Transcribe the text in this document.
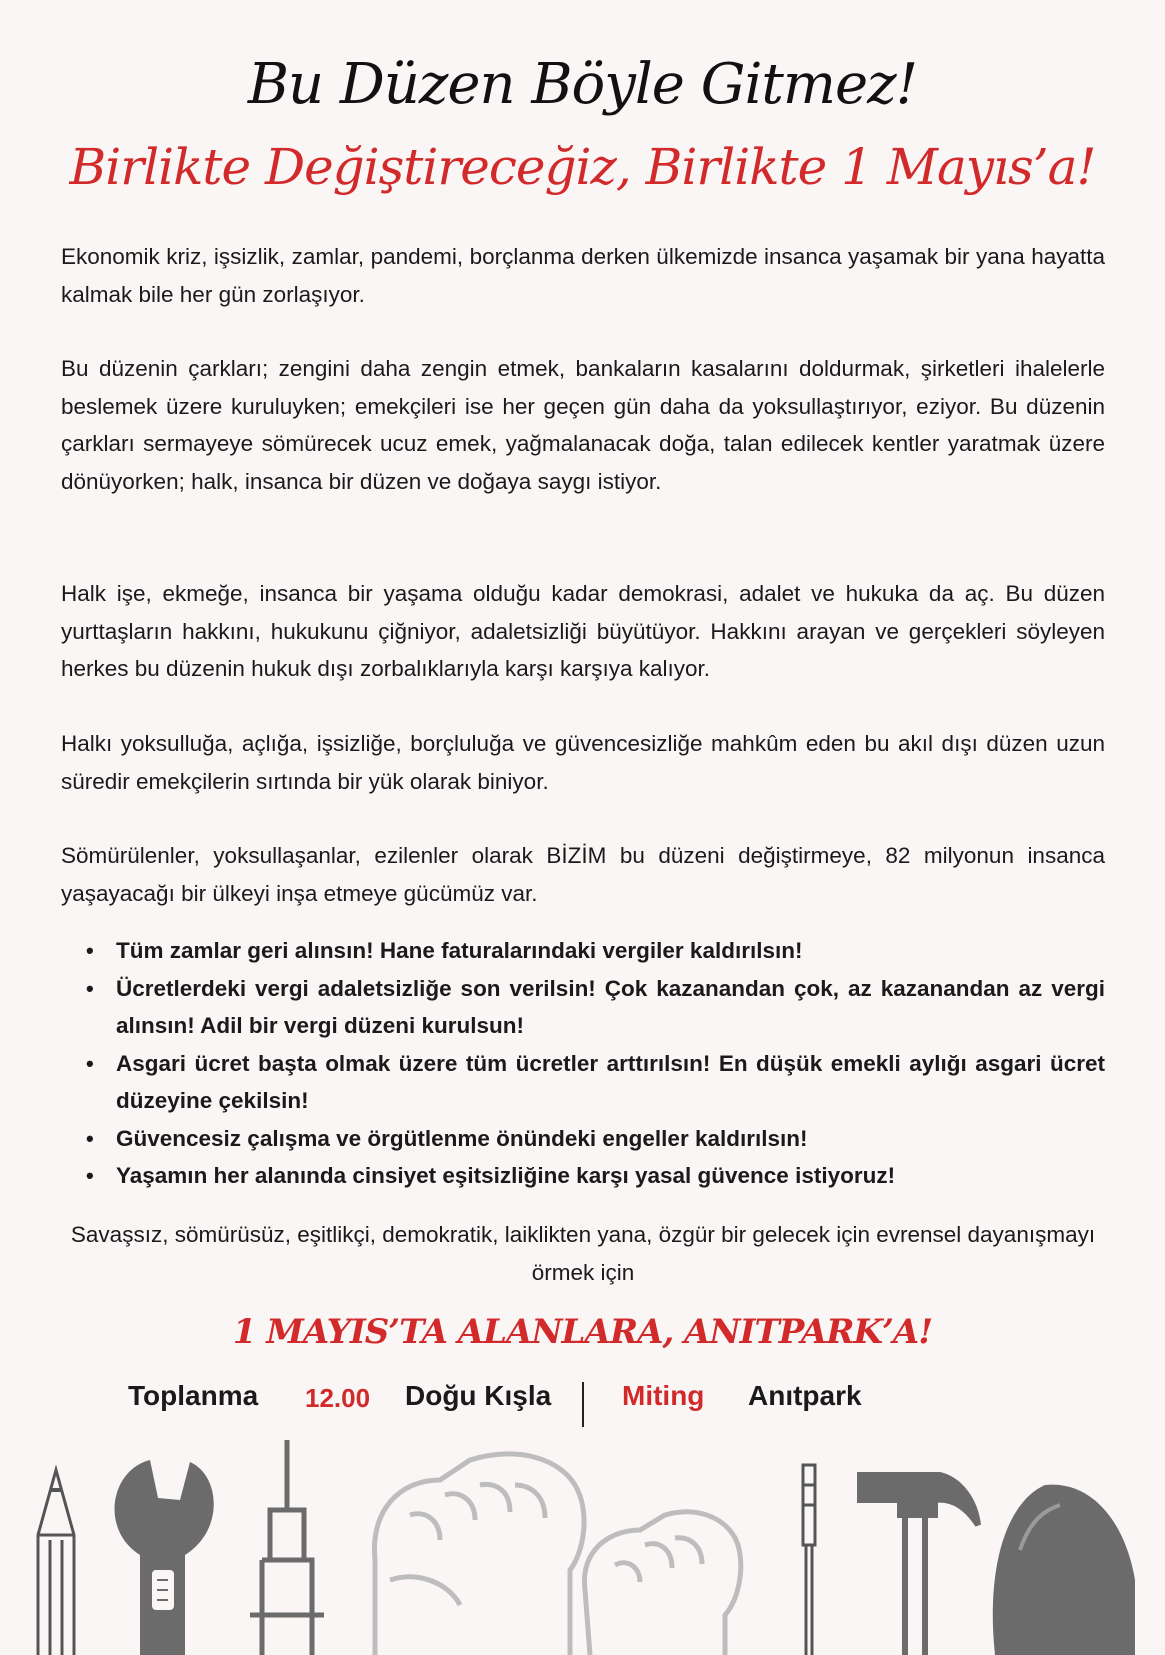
Bu Düzen Böyle Gitmez!
Birlikte Değiştireceğiz, Birlikte 1 Mayıs’a!

Ekonomik kriz, işsizlik, zamlar, pandemi, borçlanma derken ülkemizde insanca yaşamak bir yana hayatta kalmak bile her gün zorlaşıyor.

Bu düzenin çarkları; zengini daha zengin etmek, bankaların kasalarını doldurmak, şirketleri ihalelerle beslemek üzere kuruluyken; emekçileri ise her geçen gün daha da yoksullaştırıyor, eziyor. Bu düzenin çarkları sermayeye sömürecek ucuz emek, yağmalanacak doğa, talan edilecek kentler yaratmak üzere dönüyorken; halk, insanca bir düzen ve doğaya saygı istiyor.

Halk işe, ekmeğe, insanca bir yaşama olduğu kadar demokrasi, adalet ve hukuka da aç. Bu düzen yurttaşların hakkını, hukukunu çiğniyor, adaletsizliği büyütüyor. Hakkını arayan ve gerçekleri söyleyen herkes bu düzenin hukuk dışı zorbalıklarıyla karşı karşıya kalıyor.

Halkı yoksulluğa, açlığa, işsizliğe, borçluluğa ve güvencesizliğe mahkûm eden bu akıl dışı düzen uzun süredir emekçilerin sırtında bir yük olarak biniyor.

Sömürülenler, yoksullaşanlar, ezilenler olarak BİZİM bu düzeni değiştirmeye, 82 milyonun insanca yaşayacağı bir ülkeyi inşa etmeye gücümüz var.

• Tüm zamlar geri alınsın! Hane faturalarındaki vergiler kaldırılsın!
• Ücretlerdeki vergi adaletsizliğe son verilsin! Çok kazanandan çok, az kazanandan az vergi alınsın! Adil bir vergi düzeni kurulsun!
• Asgari ücret başta olmak üzere tüm ücretler arttırılsın! En düşük emekli aylığı asgari ücret düzeyine çekilsin!
• Güvencesiz çalışma ve örgütlenme önündeki engeller kaldırılsın!
• Yaşamın her alanında cinsiyet eşitsizliğine karşı yasal güvence istiyoruz!

Savaşsız, sömürüsüz, eşitlikçi, demokratik, laiklikten yana, özgür bir gelecek için evrensel dayanışmayı örmek için

1 MAYIS’TA ALANLARA, ANITPARK’A!
Toplanma 12.00 Doğu Kışla	Miting Anıtpark
